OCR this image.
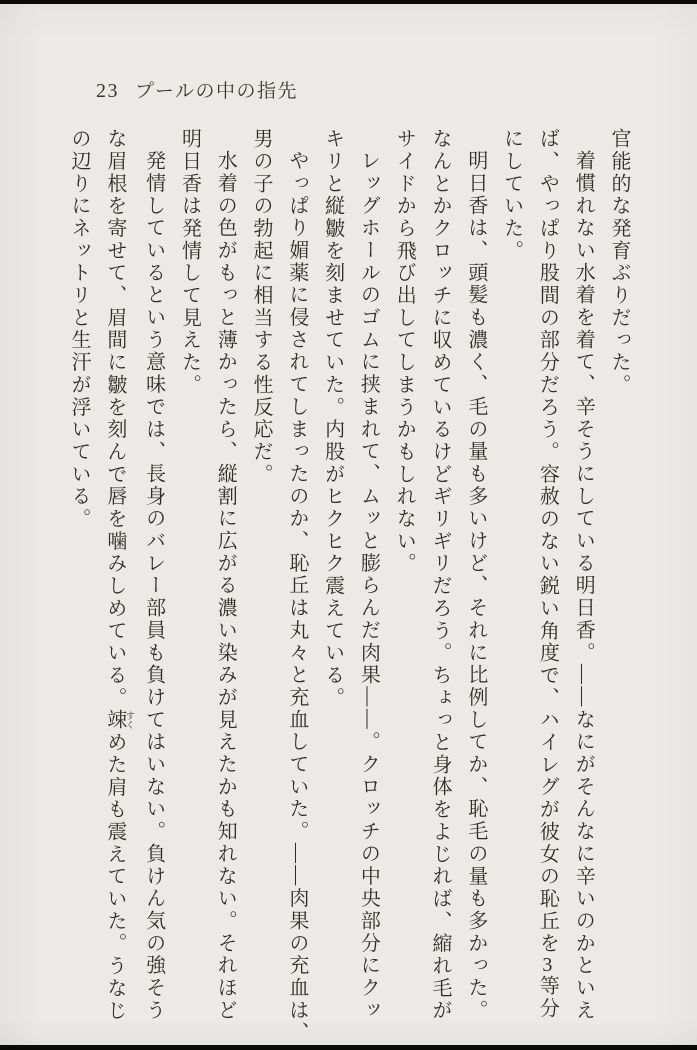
23 プールの中の指先

官能的な発育ぶりだった。

着慣れない水着を着て、辛そうにしている明日香。――なにがそんなに辛いのかといえ

ば、やっぱり股間の部分だろう。容赦のない鋭い角度で、ハイレグが彼女の恥丘を3等分

にしていた。

明日香は、頭髪も濃く、毛の量も多いけど、それに比例してか、恥毛の量も多かった。

なんとかクロッチに収めているけどギリギリだろう。ちょっと身体をよじれば、縮れ毛が

サイドから飛び出してしまうかもしれない。

レッグホールのゴムに挟まれて、ムッと膨らんだ肉果――。クロッチの中央部分にクッ

キリと縦皺を刻ませていた。内股がヒクヒク震えている。

やっぱり媚薬に侵されてしまったのか、恥丘は丸々と充血していた。――肉果の充血は、

男の子の勃起に相当する性反応だ。

水着の色がもっと薄かったら、縦割に広がる濃い染みが見えたかも知れない。それほど

明日香は発情して見えた。

発情しているという意味では、長身のバレー部員も負けてはいない。負けん気の強そう

な眉根を寄せて、眉間に皺を刻んで唇を噛みしめている。竦 すくめた肩も震えていた。うなじ

の辺りにネットリと生汗が浮いている。
